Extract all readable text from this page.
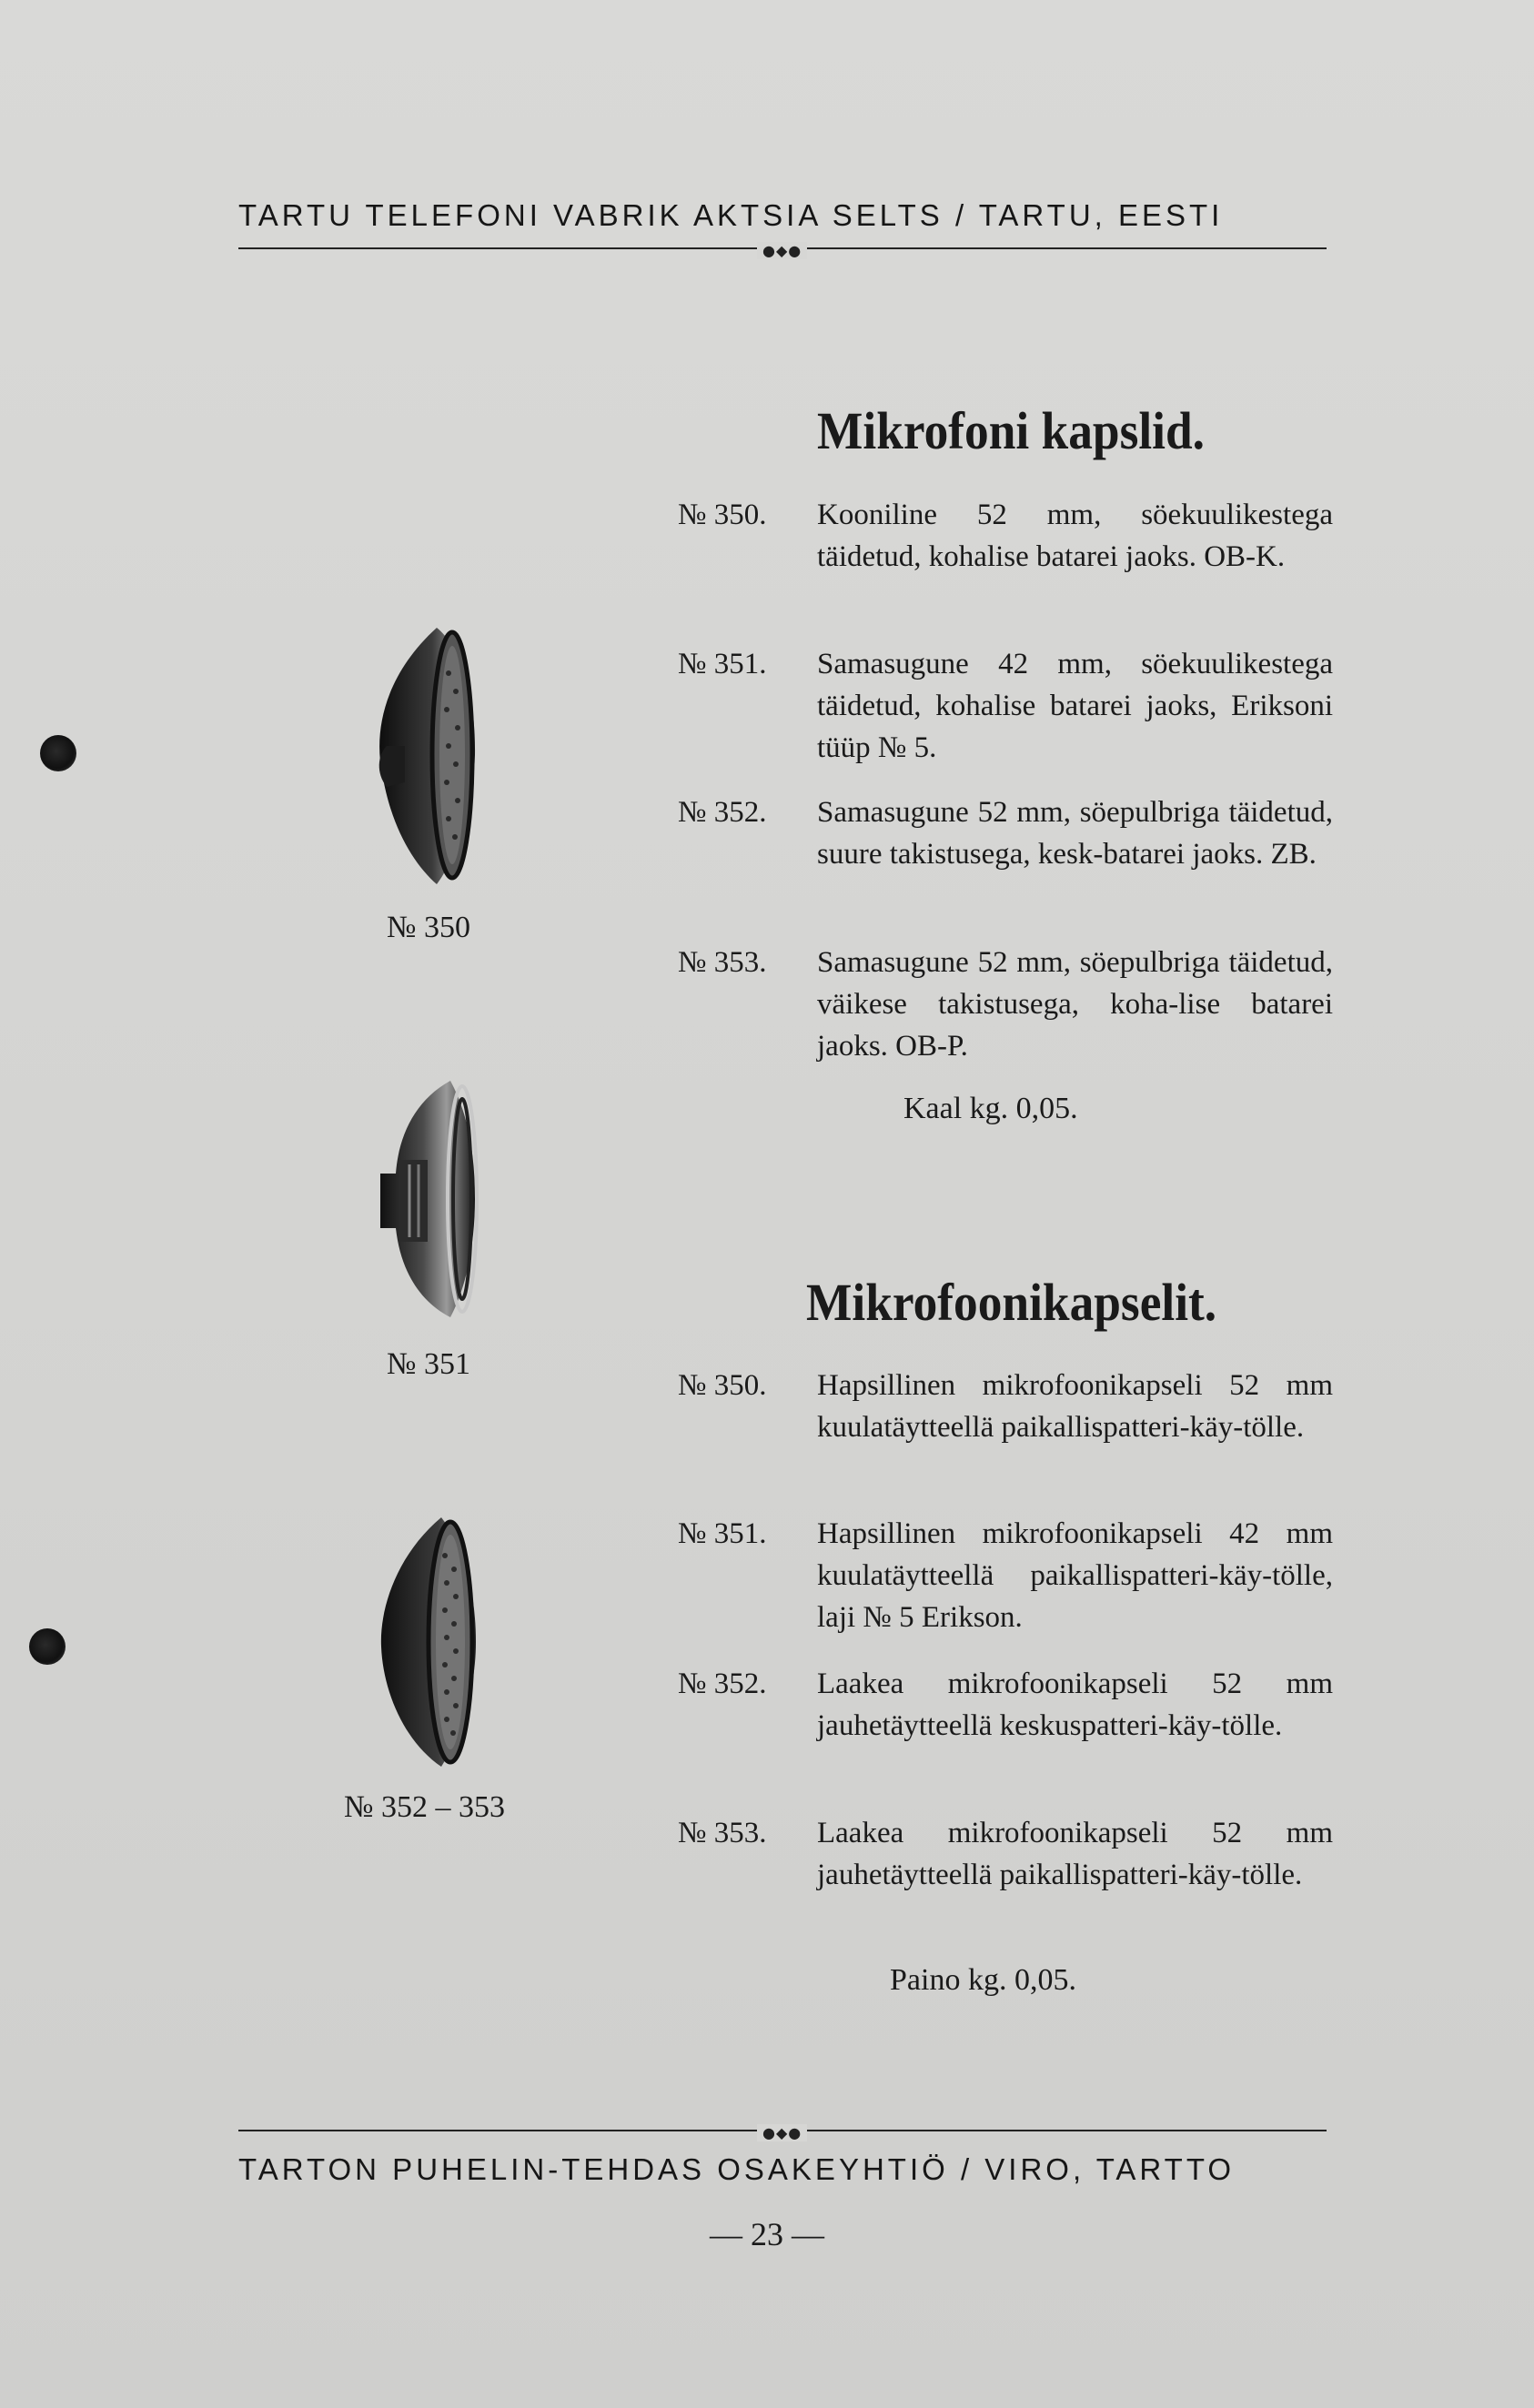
TARTU TELEFONI VABRIK AKTSIA SELTS / TARTU, EESTI
●◆●
Mikrofoni kapslid.
№ 350.	Kooniline 52 mm, söekuulikestega täidetud, kohalise batarei jaoks. OB-K.
№ 351.	Samasugune 42 mm, söekuulikestega täidetud, kohalise batarei jaoks, Eriksoni tüüp № 5.
№ 352.	Samasugune 52 mm, söepulbriga täidetud, suure takistusega, kesk-batarei jaoks. ZB.
№ 353.	Samasugune 52 mm, söepulbriga täidetud, väikese takistusega, koha-lise batarei jaoks. OB-P.
Kaal kg. 0,05.
Mikrofoonikapselit.
№ 350.	Hapsillinen mikrofoonikapseli 52 mm kuulatäytteellä paikallispatteri-käy-tölle.
№ 351.	Hapsillinen mikrofoonikapseli 42 mm kuulatäytteellä paikallispatteri-käy-tölle, laji № 5 Erikson.
№ 352.	Laakea mikrofoonikapseli 52 mm jauhetäytteellä keskuspatteri-käy-tölle.
№ 353.	Laakea mikrofoonikapseli 52 mm jauhetäytteellä paikallispatteri-käy-tölle.
Paino kg. 0,05.
№ 350
№ 351
№ 352 – 353
●◆●
TARTON PUHELIN-TEHDAS OSAKEYHTIÖ / VIRO, TARTTO
— 23 —
